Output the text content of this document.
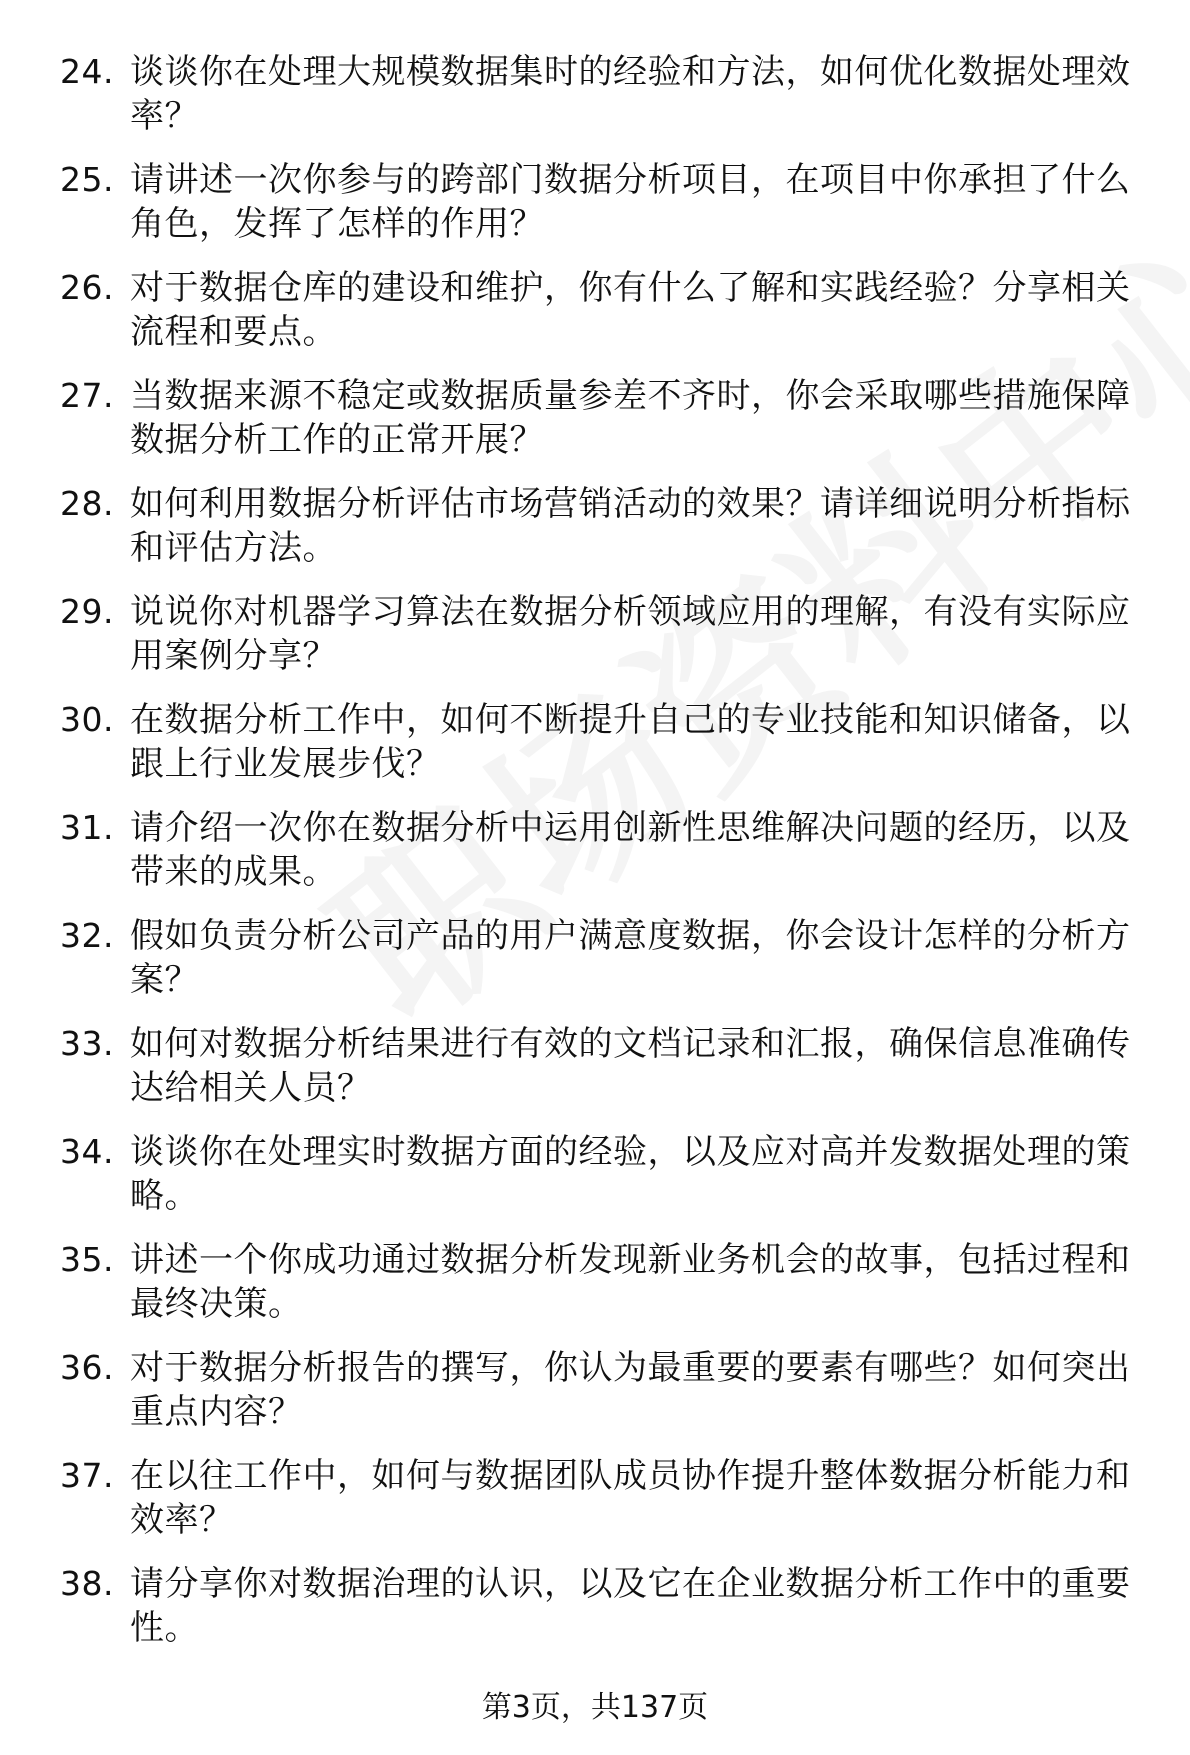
24. 谈谈你在处理大规模数据集时的经验和方法，如何优化数据处理效率？
25. 请讲述一次你参与的跨部门数据分析项目，在项目中你承担了什么角色，发挥了怎样的作用？
26. 对于数据仓库的建设和维护，你有什么了解和实践经验？分享相关流程和要点。
27. 当数据来源不稳定或数据质量参差不齐时，你会采取哪些措施保障数据分析工作的正常开展？
28. 如何利用数据分析评估市场营销活动的效果？请详细说明分析指标和评估方法。
29. 说说你对机器学习算法在数据分析领域应用的理解，有没有实际应用案例分享？
30. 在数据分析工作中，如何不断提升自己的专业技能和知识储备，以跟上行业发展步伐？
31. 请介绍一次你在数据分析中运用创新性思维解决问题的经历，以及带来的成果。
32. 假如负责分析公司产品的用户满意度数据，你会设计怎样的分析方案？
33. 如何对数据分析结果进行有效的文档记录和汇报，确保信息准确传达给相关人员？
34. 谈谈你在处理实时数据方面的经验，以及应对高并发数据处理的策略。
35. 讲述一个你成功通过数据分析发现新业务机会的故事，包括过程和最终决策。
36. 对于数据分析报告的撰写，你认为最重要的要素有哪些？如何突出重点内容？
37. 在以往工作中，如何与数据团队成员协作提升整体数据分析能力和效率？
38. 请分享你对数据治理的认识，以及它在企业数据分析工作中的重要性。
第3页，共137页
